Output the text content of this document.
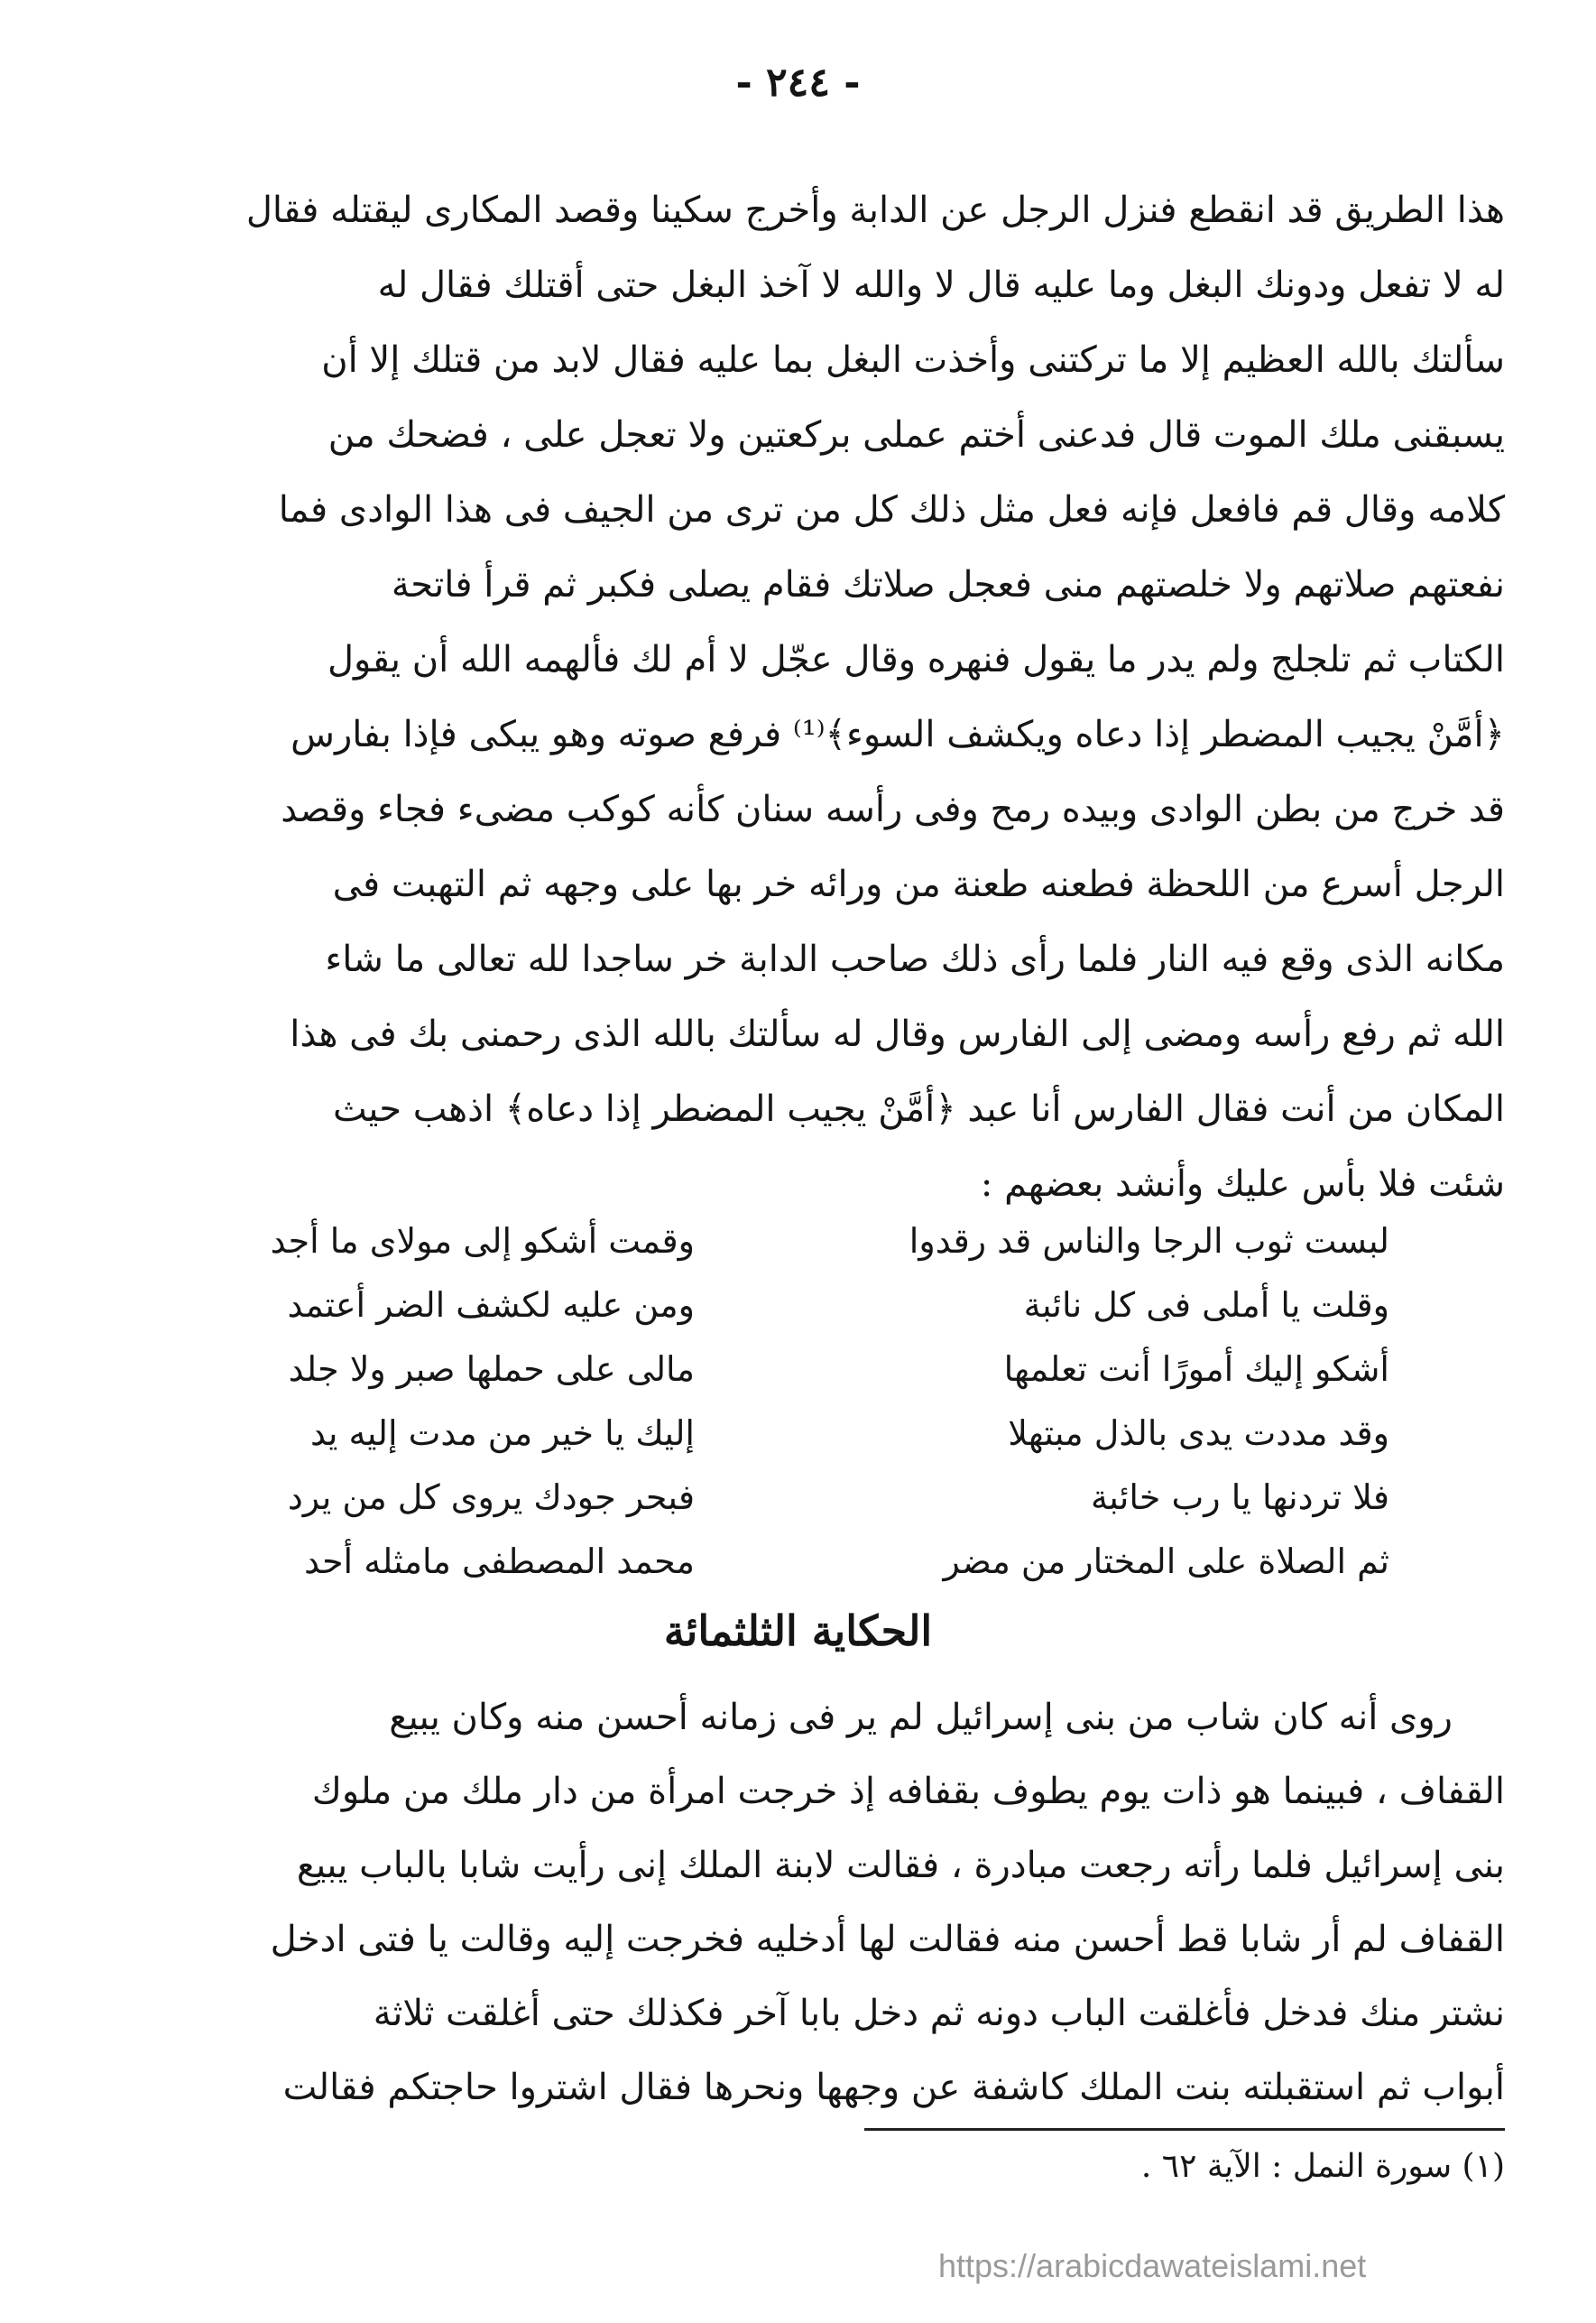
- ٢٤٤ -
هذا الطريق قد انقطع فنزل الرجل عن الدابة وأخرج سكينا وقصد المكارى ليقتله فقال
له لا تفعل ودونك البغل وما عليه قال لا والله لا آخذ البغل حتى أقتلك فقال له
سألتك بالله العظيم إلا ما تركتنى وأخذت البغل بما عليه فقال لابد من قتلك إلا أن
يسبقنى ملك الموت قال فدعنى أختم عملى بركعتين ولا تعجل على ، فضحك من
كلامه وقال قم فافعل فإنه فعل مثل ذلك كل من ترى من الجيف فى هذا الوادى فما
نفعتهم صلاتهم ولا خلصتهم منى فعجل صلاتك فقام يصلى فكبر ثم قرأ فاتحة
الكتاب ثم تلجلج ولم يدر ما يقول فنهره وقال عجّل لا أم لك فألهمه الله أن يقول
﴿أمَّنْ يجيب المضطر إذا دعاه ويكشف السوء﴾⁽¹⁾ فرفع صوته وهو يبكى فإذا بفارس
قد خرج من بطن الوادى وبيده رمح وفى رأسه سنان كأنه كوكب مضىء فجاء وقصد
الرجل أسرع من اللحظة فطعنه طعنة من ورائه خر بها على وجهه ثم التهبت فى
مكانه الذى وقع فيه النار فلما رأى ذلك صاحب الدابة خر ساجدا لله تعالى ما شاء
الله ثم رفع رأسه ومضى إلى الفارس وقال له سألتك بالله الذى رحمنى بك فى هذا
المكان من أنت فقال الفارس أنا عبد ﴿أمَّنْ يجيب المضطر إذا دعاه﴾ اذهب حيث
شئت فلا بأس عليك وأنشد بعضهم :
لبست ثوب الرجا والناس قد رقدوا
وقمت أشكو إلى مولاى ما أجد
وقلت يا أملى فى كل نائبة
ومن عليه لكشف الضر أعتمد
أشكو إليك أمورًا أنت تعلمها
مالى على حملها صبر ولا جلد
وقد مددت يدى بالذل مبتهلا
إليك يا خير من مدت إليه يد
فلا تردنها يا رب خائبة
فبحر جودك يروى كل من يرد
ثم الصلاة على المختار من مضر
محمد المصطفى مامثله أحد
الحكاية الثلثمائة
روى أنه كان شاب من بنى إسرائيل لم ير فى زمانه أحسن منه وكان يبيع
القفاف ، فبينما هو ذات يوم يطوف بقفافه إذ خرجت امرأة من دار ملك من ملوك
بنى إسرائيل فلما رأته رجعت مبادرة ، فقالت لابنة الملك إنى رأيت شابا بالباب يبيع
القفاف لم أر شابا قط أحسن منه فقالت لها أدخليه فخرجت إليه وقالت يا فتى ادخل
نشتر منك فدخل فأغلقت الباب دونه ثم دخل بابا آخر فكذلك حتى أغلقت ثلاثة
أبواب ثم استقبلته بنت الملك كاشفة عن وجهها ونحرها فقال اشتروا حاجتكم فقالت
(١) سورة النمل : الآية ٦٢ .
https://arabicdawateislami.net
